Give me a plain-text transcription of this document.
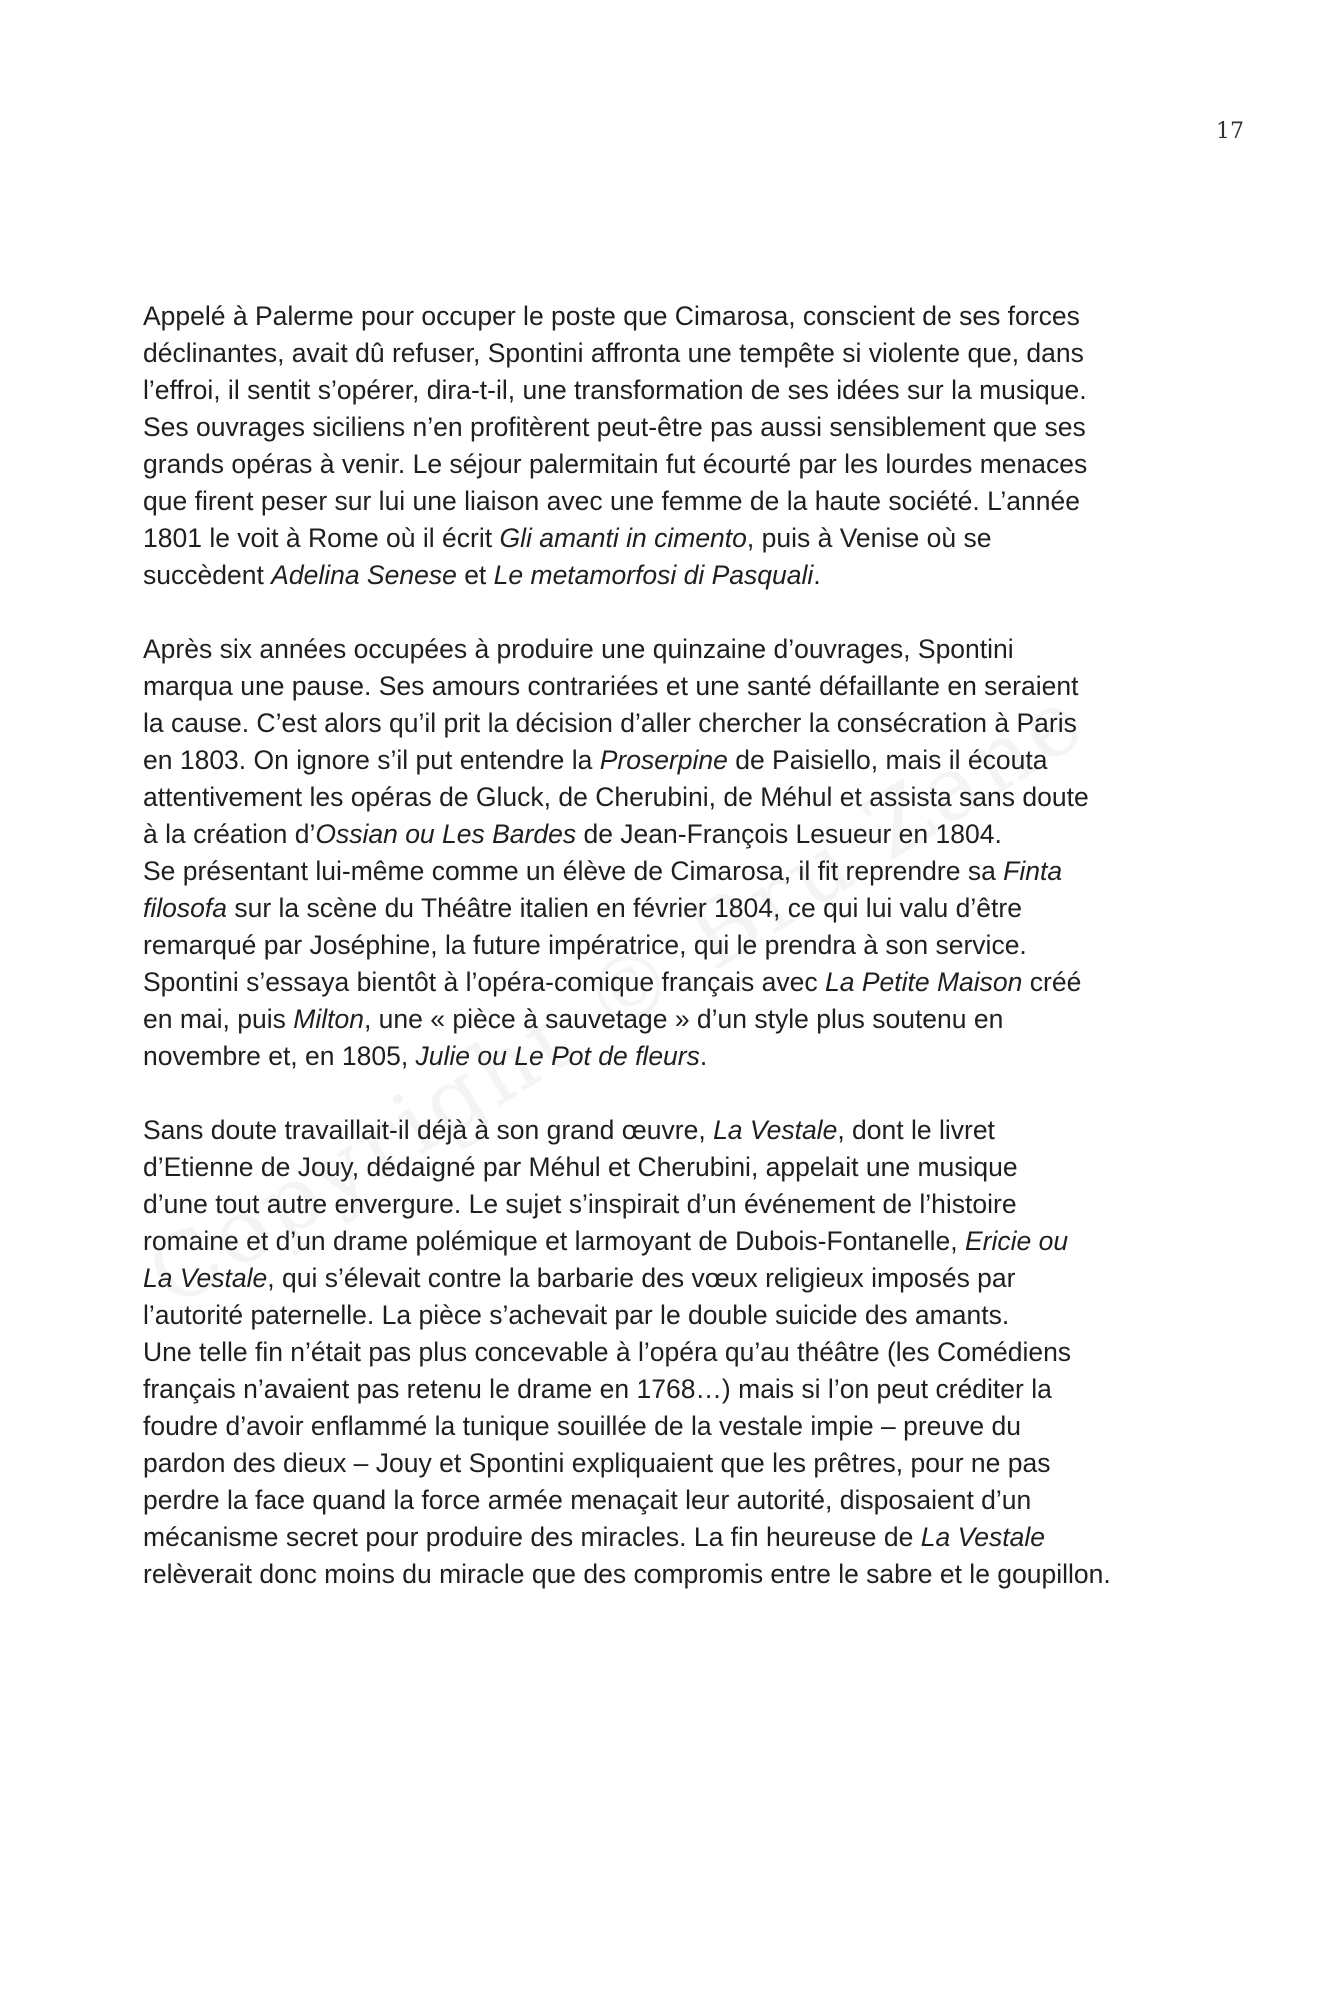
17
Appelé à Palerme pour occuper le poste que Cimarosa, conscient de ses forces
déclinantes, avait dû refuser, Spontini affronta une tempête si violente que, dans
l’effroi, il sentit s’opérer, dira-t-il, une transformation de ses idées sur la musique.
Ses ouvrages siciliens n’en profitèrent peut-être pas aussi sensiblement que ses
grands opéras à venir. Le séjour palermitain fut écourté par les lourdes menaces
que firent peser sur lui une liaison avec une femme de la haute société. L’année
1801 le voit à Rome où il écrit Gli amanti in cimento, puis à Venise où se
succèdent Adelina Senese et Le metamorfosi di Pasquali.
Après six années occupées à produire une quinzaine d’ouvrages, Spontini
marqua une pause. Ses amours contrariées et une santé défaillante en seraient
la cause. C’est alors qu’il prit la décision d’aller chercher la consécration à Paris
en 1803. On ignore s’il put entendre la Proserpine de Paisiello, mais il écouta
attentivement les opéras de Gluck, de Cherubini, de Méhul et assista sans doute
à la création d’Ossian ou Les Bardes de Jean-François Lesueur en 1804.
Se présentant lui-même comme un élève de Cimarosa, il fit reprendre sa Finta
filosofa sur la scène du Théâtre italien en février 1804, ce qui lui valu d’être
remarqué par Joséphine, la future impératrice, qui le prendra à son service.
Spontini s’essaya bientôt à l’opéra-comique français avec La Petite Maison créé
en mai, puis Milton, une « pièce à sauvetage » d’un style plus soutenu en
novembre et, en 1805, Julie ou Le Pot de fleurs.
Sans doute travaillait-il déjà à son grand œuvre, La Vestale, dont le livret
d’Etienne de Jouy, dédaigné par Méhul et Cherubini, appelait une musique
d’une tout autre envergure. Le sujet s’inspirait d’un événement de l’histoire
romaine et d’un drame polémique et larmoyant de Dubois-Fontanelle, Ericie ou
La Vestale, qui s’élevait contre la barbarie des vœux religieux imposés par
l’autorité paternelle. La pièce s’achevait par le double suicide des amants.
Une telle fin n’était pas plus concevable à l’opéra qu’au théâtre (les Comédiens
français n’avaient pas retenu le drame en 1768…) mais si l’on peut créditer la
foudre d’avoir enflammé la tunique souillée de la vestale impie – preuve du
pardon des dieux – Jouy et Spontini expliquaient que les prêtres, pour ne pas
perdre la face quand la force armée menaçait leur autorité, disposaient d’un
mécanisme secret pour produire des miracles. La fin heureuse de La Vestale
relèverait donc moins du miracle que des compromis entre le sabre et le goupillon.
